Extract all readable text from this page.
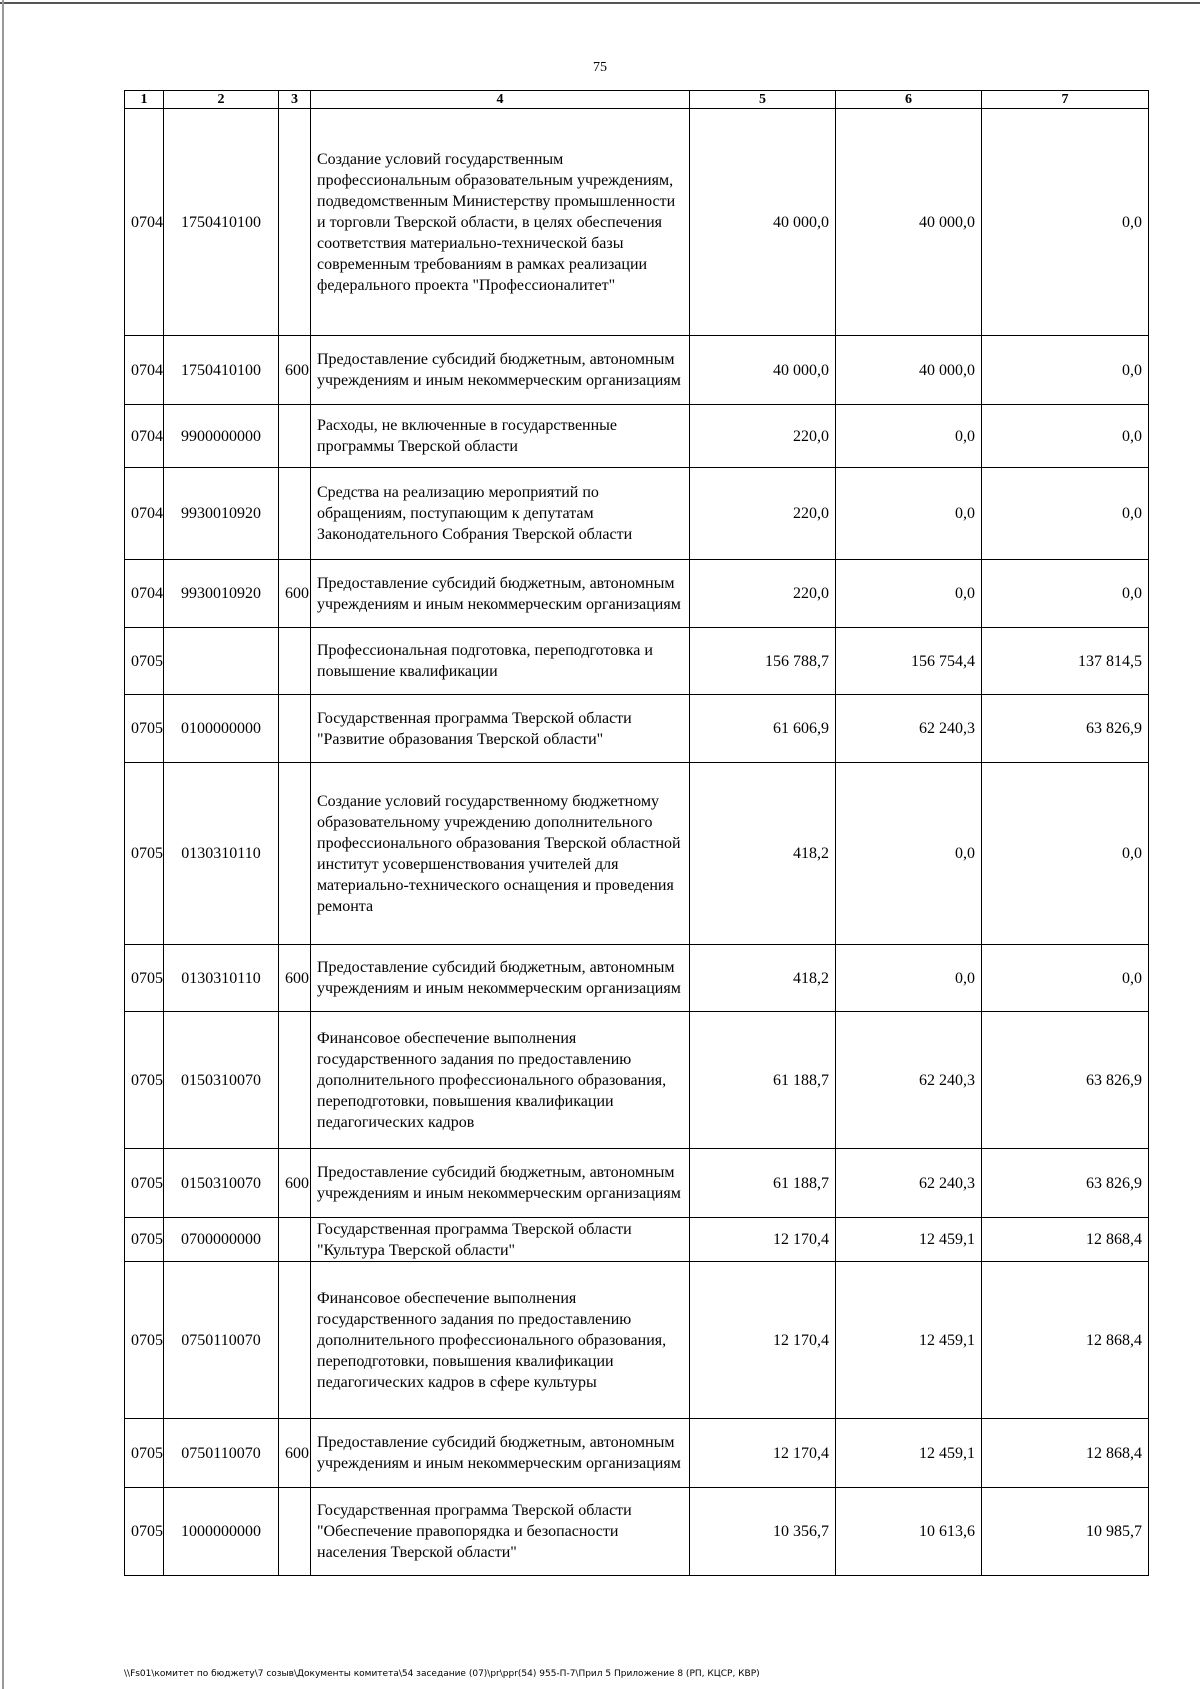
75
1	2	3	4	5	6	7
0704	1750410100		Создание условий государственным профессиональным образовательным учреждениям, подведомственным Министерству промышленности и торговли Тверской области, в целях обеспечения соответствия материально-технической базы современным требованиям в рамках реализации федерального проекта "Профессионалитет"	40 000,0	40 000,0	0,0
0704	1750410100	600	Предоставление субсидий бюджетным, автономным учреждениям и иным некоммерческим организациям	40 000,0	40 000,0	0,0
0704	9900000000		Расходы, не включенные в государственные программы Тверской области	220,0	0,0	0,0
0704	9930010920		Средства на реализацию мероприятий по обращениям, поступающим к депутатам Законодательного Собрания Тверской области	220,0	0,0	0,0
0704	9930010920	600	Предоставление субсидий бюджетным, автономным учреждениям и иным некоммерческим организациям	220,0	0,0	0,0
0705			Профессиональная подготовка, переподготовка и повышение квалификации	156 788,7	156 754,4	137 814,5
0705	0100000000		Государственная программа Тверской области "Развитие образования Тверской области"	61 606,9	62 240,3	63 826,9
0705	0130310110		Создание условий государственному бюджетному образовательному учреждению дополнительного профессионального образования Тверской областной институт усовершенствования учителей для материально-технического оснащения и проведения ремонта	418,2	0,0	0,0
0705	0130310110	600	Предоставление субсидий бюджетным, автономным учреждениям и иным некоммерческим организациям	418,2	0,0	0,0
0705	0150310070		Финансовое обеспечение выполнения государственного задания по предоставлению дополнительного профессионального образования, переподготовки, повышения квалификации педагогических кадров	61 188,7	62 240,3	63 826,9
0705	0150310070	600	Предоставление субсидий бюджетным, автономным учреждениям и иным некоммерческим организациям	61 188,7	62 240,3	63 826,9
0705	0700000000		Государственная программа Тверской области "Культура Тверской области"	12 170,4	12 459,1	12 868,4
0705	0750110070		Финансовое обеспечение выполнения государственного задания по предоставлению дополнительного профессионального образования, переподготовки, повышения квалификации педагогических кадров в сфере культуры	12 170,4	12 459,1	12 868,4
0705	0750110070	600	Предоставление субсидий бюджетным, автономным учреждениям и иным некоммерческим организациям	12 170,4	12 459,1	12 868,4
0705	1000000000		Государственная программа Тверской области "Обеспечение правопорядка и безопасности населения Тверской области"	10 356,7	10 613,6	10 985,7
\\Fs01\комитет по бюджету\7 созыв\Документы комитета\54 заседание (07)\pr\ppr(54) 955-П-7\Прил 5 Приложение 8 (РП, КЦСР, КВР)
